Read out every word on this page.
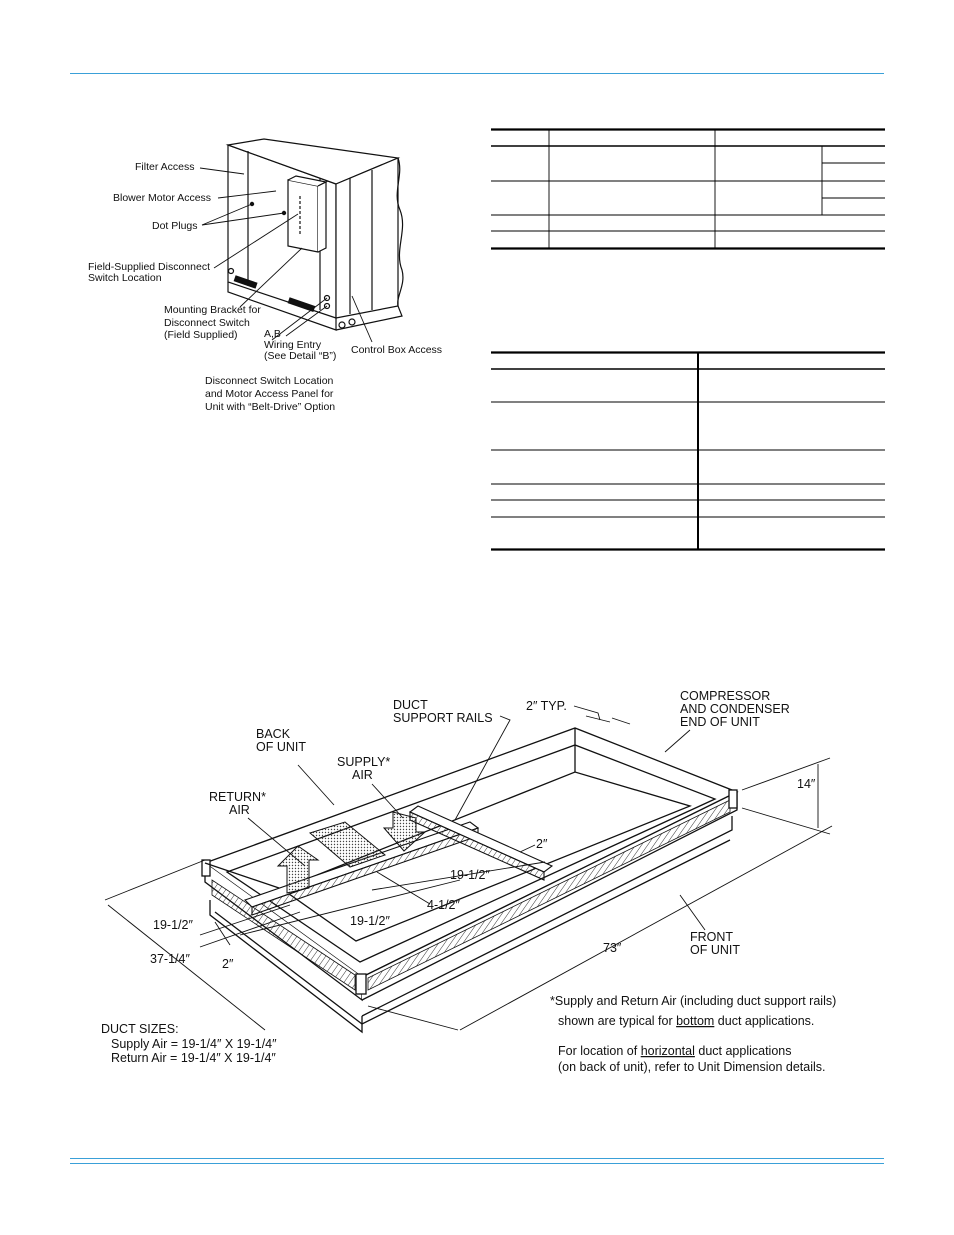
Filter Access
Blower Motor Access
Dot Plugs
Field-Supplied Disconnect
Switch Location
Mounting Bracket for
Disconnect Switch
(Field Supplied)	A,B
Wiring Entry
(See Detail “B”) Control Box Access
Disconnect Switch Location
and Motor Access Panel for
Unit with “Belt-Drive” Option
DUCT
SUPPORT RAILS
2″ TYP.
COMPRESSOR
AND CONDENSER
END OF UNIT
BACK
OF UNIT
SUPPLY*
AIR
RETURN*
AIR
14″
2″
19-1/2″
4-1/2″
19-1/2″
19-1/2″
37-1/4″	2″
73″
FRONT
OF UNIT
DUCT SIZES:
Supply Air = 19-1/4″ X 19-1/4″
Return Air = 19-1/4″ X 19-1/4″
*Supply and Return Air (including duct support rails)
shown are typical for bottom duct applications.
For location of horizontal duct applications
(on back of unit), refer to Unit Dimension details.
